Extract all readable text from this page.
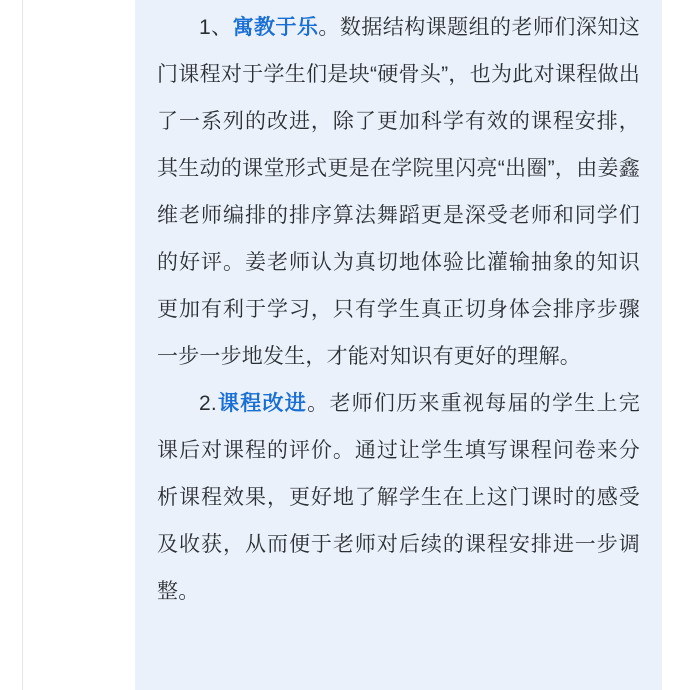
1、寓教于乐。数据结构课题组的老师们深知这门课程对于学生们是块“硬骨头”，也为此对课程做出了一系列的改进，除了更加科学有效的课程安排，其生动的课堂形式更是在学院里闪亮“出圈”，由姜鑫维老师编排的排序算法舞蹈更是深受老师和同学们的好评。姜老师认为真切地体验比灌输抽象的知识更加有利于学习，只有学生真正切身体会排序步骤一步一步地发生，才能对知识有更好的理解。

2.课程改进。老师们历来重视每届的学生上完课后对课程的评价。通过让学生填写课程问卷来分析课程效果，更好地了解学生在上这门课时的感受及收获，从而便于老师对后续的课程安排进一步调整。
